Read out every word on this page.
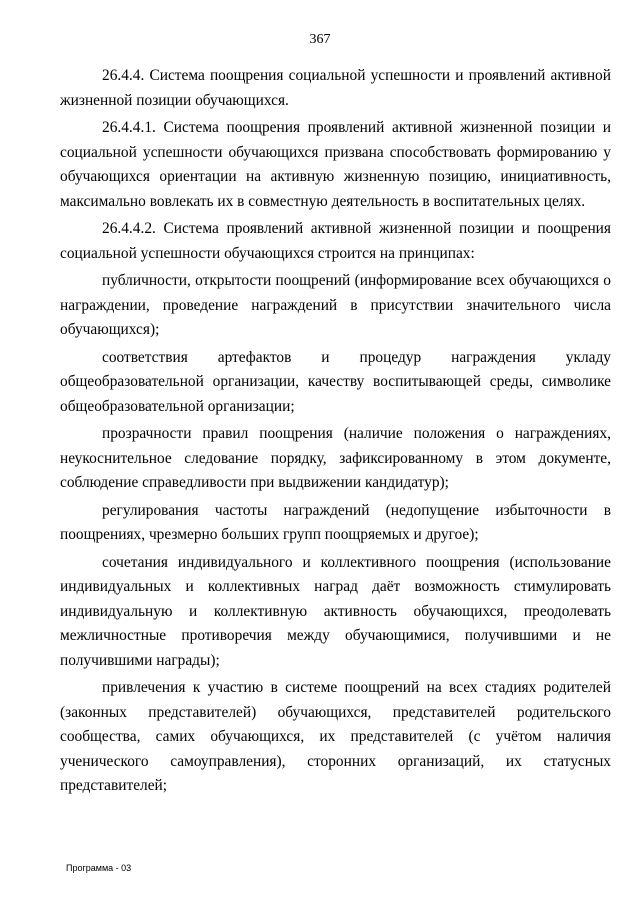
367

26.4.4. Система поощрения социальной успешности и проявлений активной жизненной позиции обучающихся.

26.4.4.1. Система поощрения проявлений активной жизненной позиции и социальной успешности обучающихся призвана способствовать формированию у обучающихся ориентации на активную жизненную позицию, инициативность, максимально вовлекать их в совместную деятельность в воспитательных целях.

26.4.4.2. Система проявлений активной жизненной позиции и поощрения социальной успешности обучающихся строится на принципах:

публичности, открытости поощрений (информирование всех обучающихся о награждении, проведение награждений в присутствии значительного числа обучающихся);

соответствия артефактов и процедур награждения укладу общеобразовательной организации, качеству воспитывающей среды, символике общеобразовательной организации;

прозрачности правил поощрения (наличие положения о награждениях, неукоснительное следование порядку, зафиксированному в этом документе, соблюдение справедливости при выдвижении кандидатур);

регулирования частоты награждений (недопущение избыточности в поощрениях, чрезмерно больших групп поощряемых и другое);

сочетания индивидуального и коллективного поощрения (использование индивидуальных и коллективных наград даёт возможность стимулировать индивидуальную и коллективную активность обучающихся, преодолевать межличностные противоречия между обучающимися, получившими и не получившими награды);

привлечения к участию в системе поощрений на всех стадиях родителей (законных представителей) обучающихся, представителей родительского сообщества, самих обучающихся, их представителей (с учётом наличия ученического самоуправления), сторонних организаций, их статусных представителей;

Программа - 03
